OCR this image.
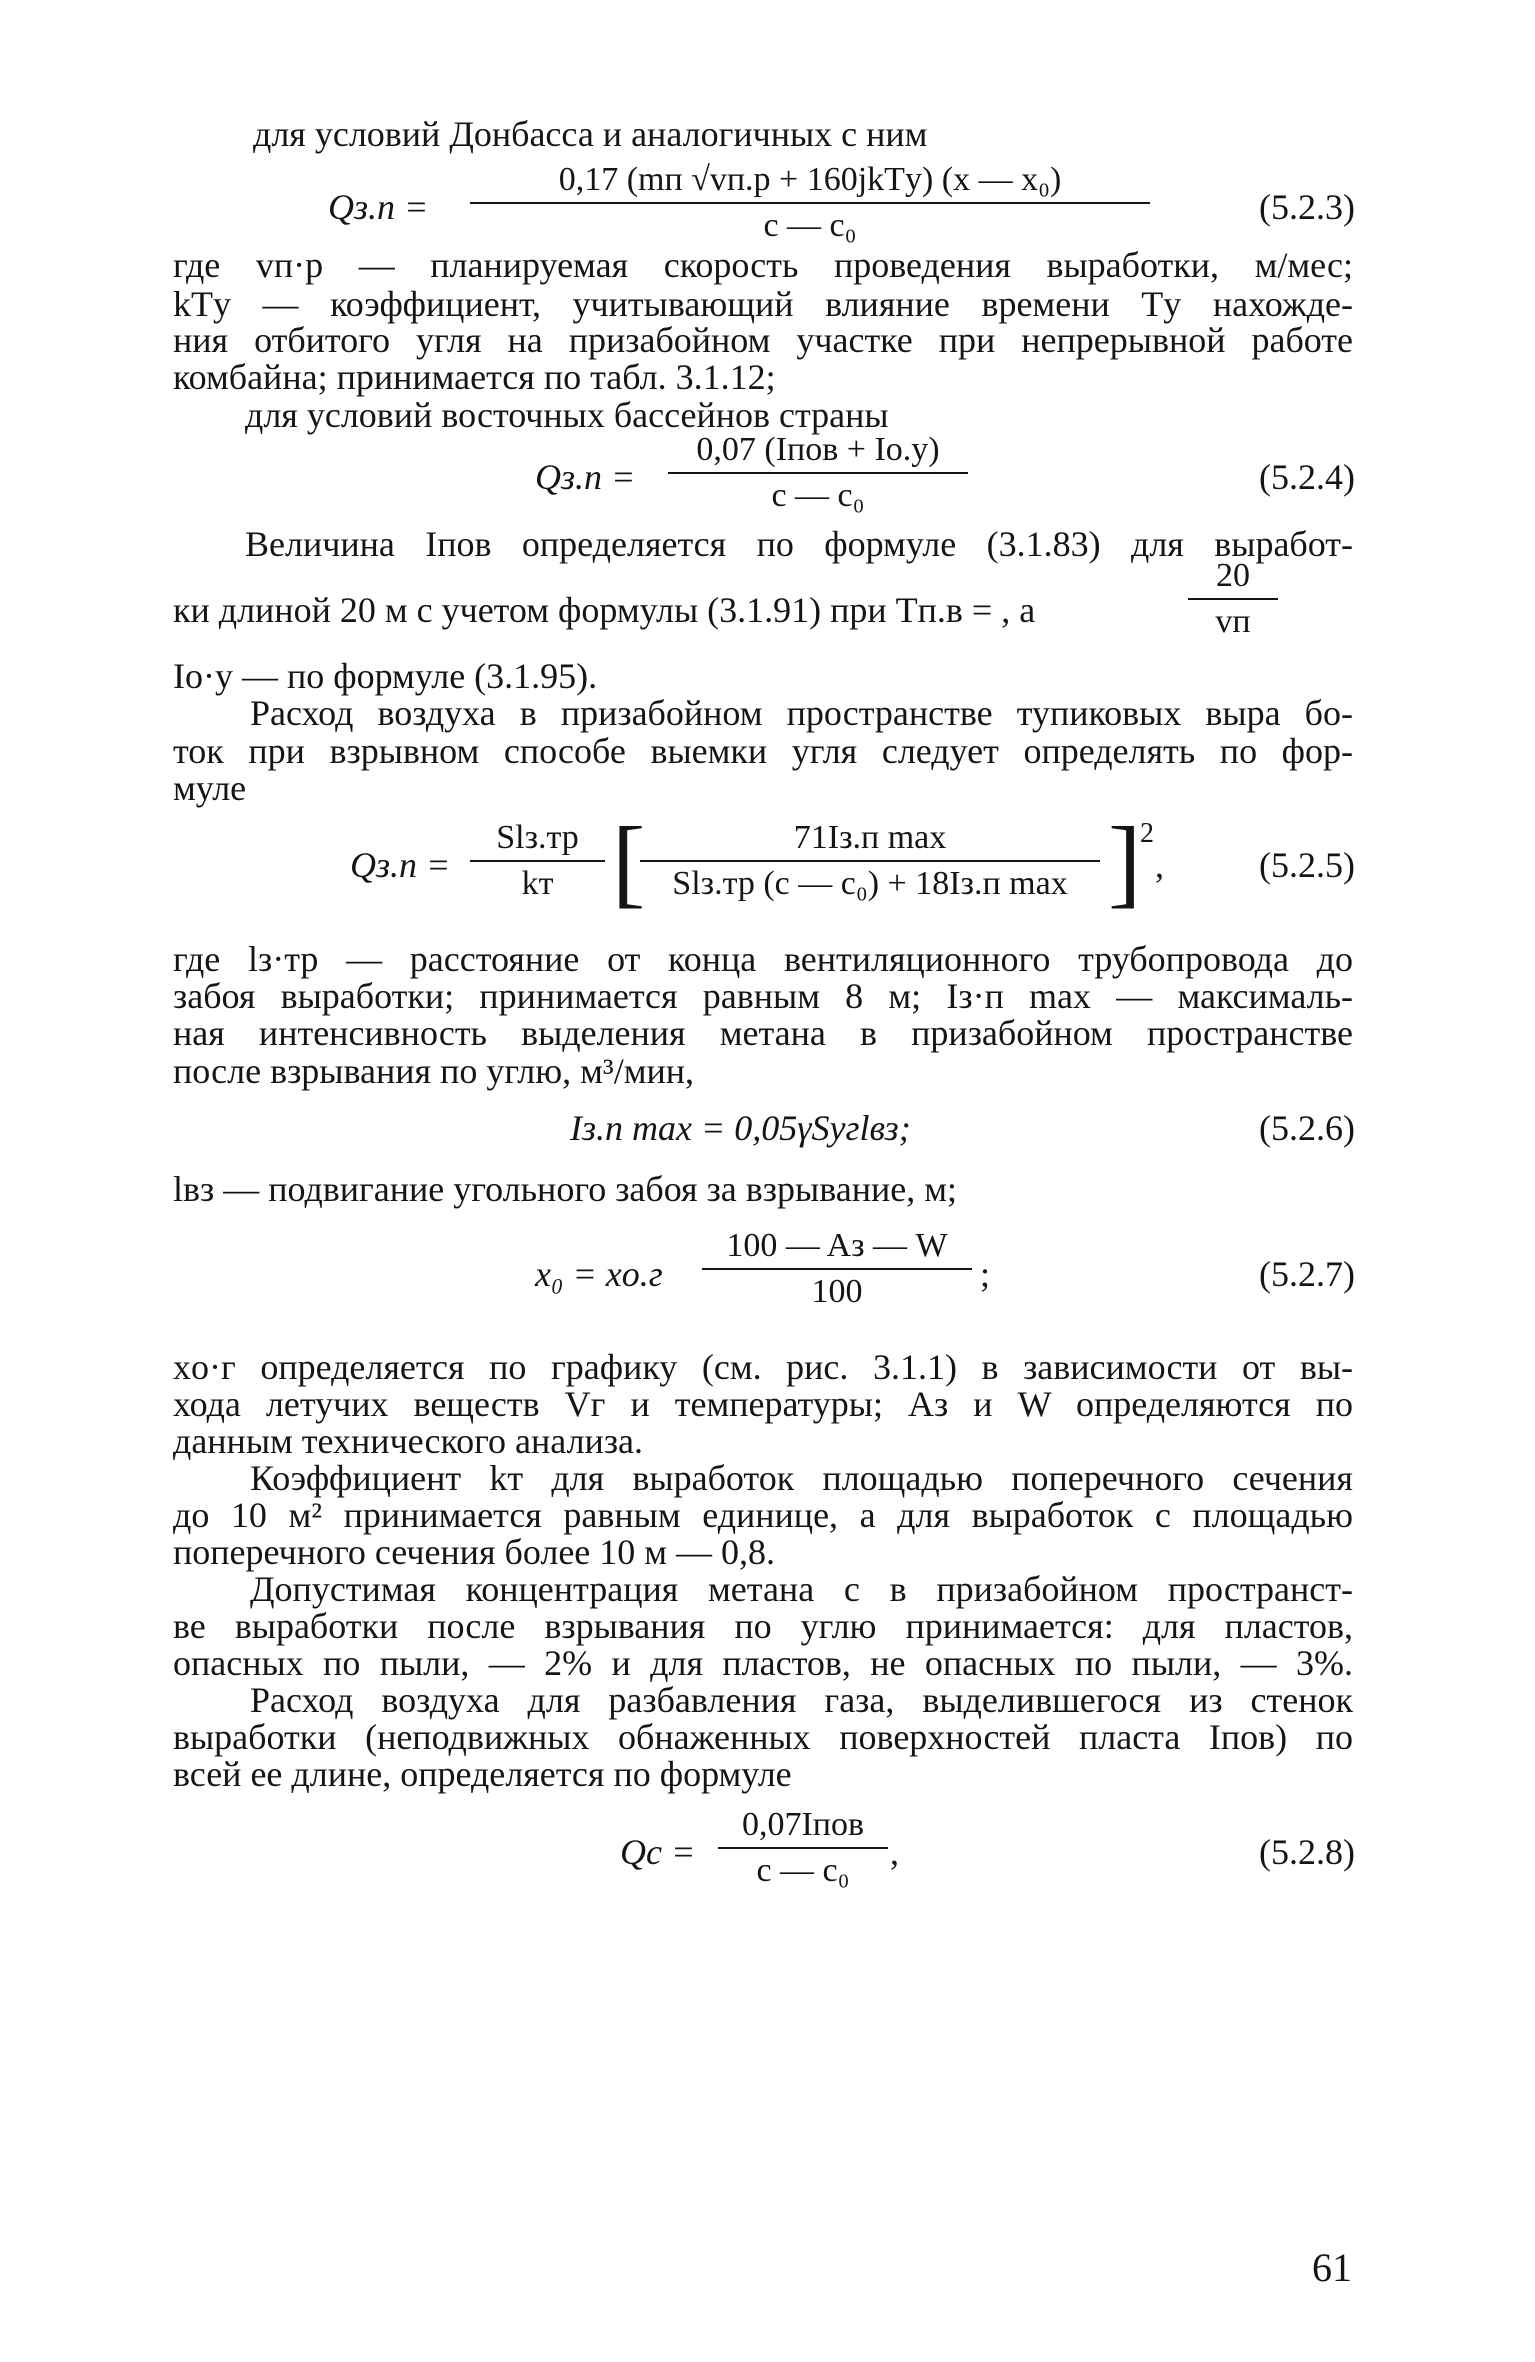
для условий Донбасса и аналогичных с ним
Qз.п =
0,17 (mп √vп.р + 160jkTу) (x — x₀)
c — c₀	(5.2.3)
где vп·р — планируемая скорость проведения выработки, м/мес;
kTу — коэффициент, учитывающий влияние времени Tу нахожде-
ния отбитого угля на призабойном участке при непрерывной работе
комбайна; принимается по табл. 3.1.12;
для условий восточных бассейнов страны
Qз.п =
0,07 (Iпов + Iо.у)
c — c₀	(5.2.4)
Величина Iпов определяется по формуле (3.1.83) для выработ-
ки длиной 20 м с учетом формулы (3.1.91) при Tп.в = , а
20
vп
Iо·у — по формуле (3.1.95).
Расход воздуха в призабойном пространстве тупиковых выра бо-
ток при взрывном способе выемки угля следует определять по фор-
муле
Qз.п =
Slз.тр
kт [	71Iз.п max
Slз.тр (c — c₀) + 18Iз.п max ]
2
,	(5.2.5)
где lз·тр — расстояние от конца вентиляционного трубопровода до
забоя выработки; принимается равным 8 м; Iз·п max — максималь-
ная интенсивность выделения метана в призабойном пространстве
после взрывания по углю, м³/мин,
Iз.п max = 0,05γSугlвз;	(5.2.6)
lвз — подвигание угольного забоя за взрывание, м;
x₀ = xо.г
100 — Aз — W
100	;	(5.2.7)
xо·г определяется по графику (см. рис. 3.1.1) в зависимости от вы-
хода летучих веществ Vг и температуры; Aз и W определяются по
данным технического анализа.
Коэффициент kт для выработок площадью поперечного сечения
до 10 м² принимается равным единице, а для выработок с площадью
поперечного сечения более 10 м — 0,8.
Допустимая концентрация метана c в призабойном пространст-
ве выработки после взрывания по углю принимается: для пластов,
опасных по пыли, — 2% и для пластов, не опасных по пыли, — 3%.
Расход воздуха для разбавления газа, выделившегося из стенок
выработки (неподвижных обнаженных поверхностей пласта Iпов) по
всей ее длине, определяется по формуле
Qc =
0,07Iпов
c — c₀	,	(5.2.8)
61
